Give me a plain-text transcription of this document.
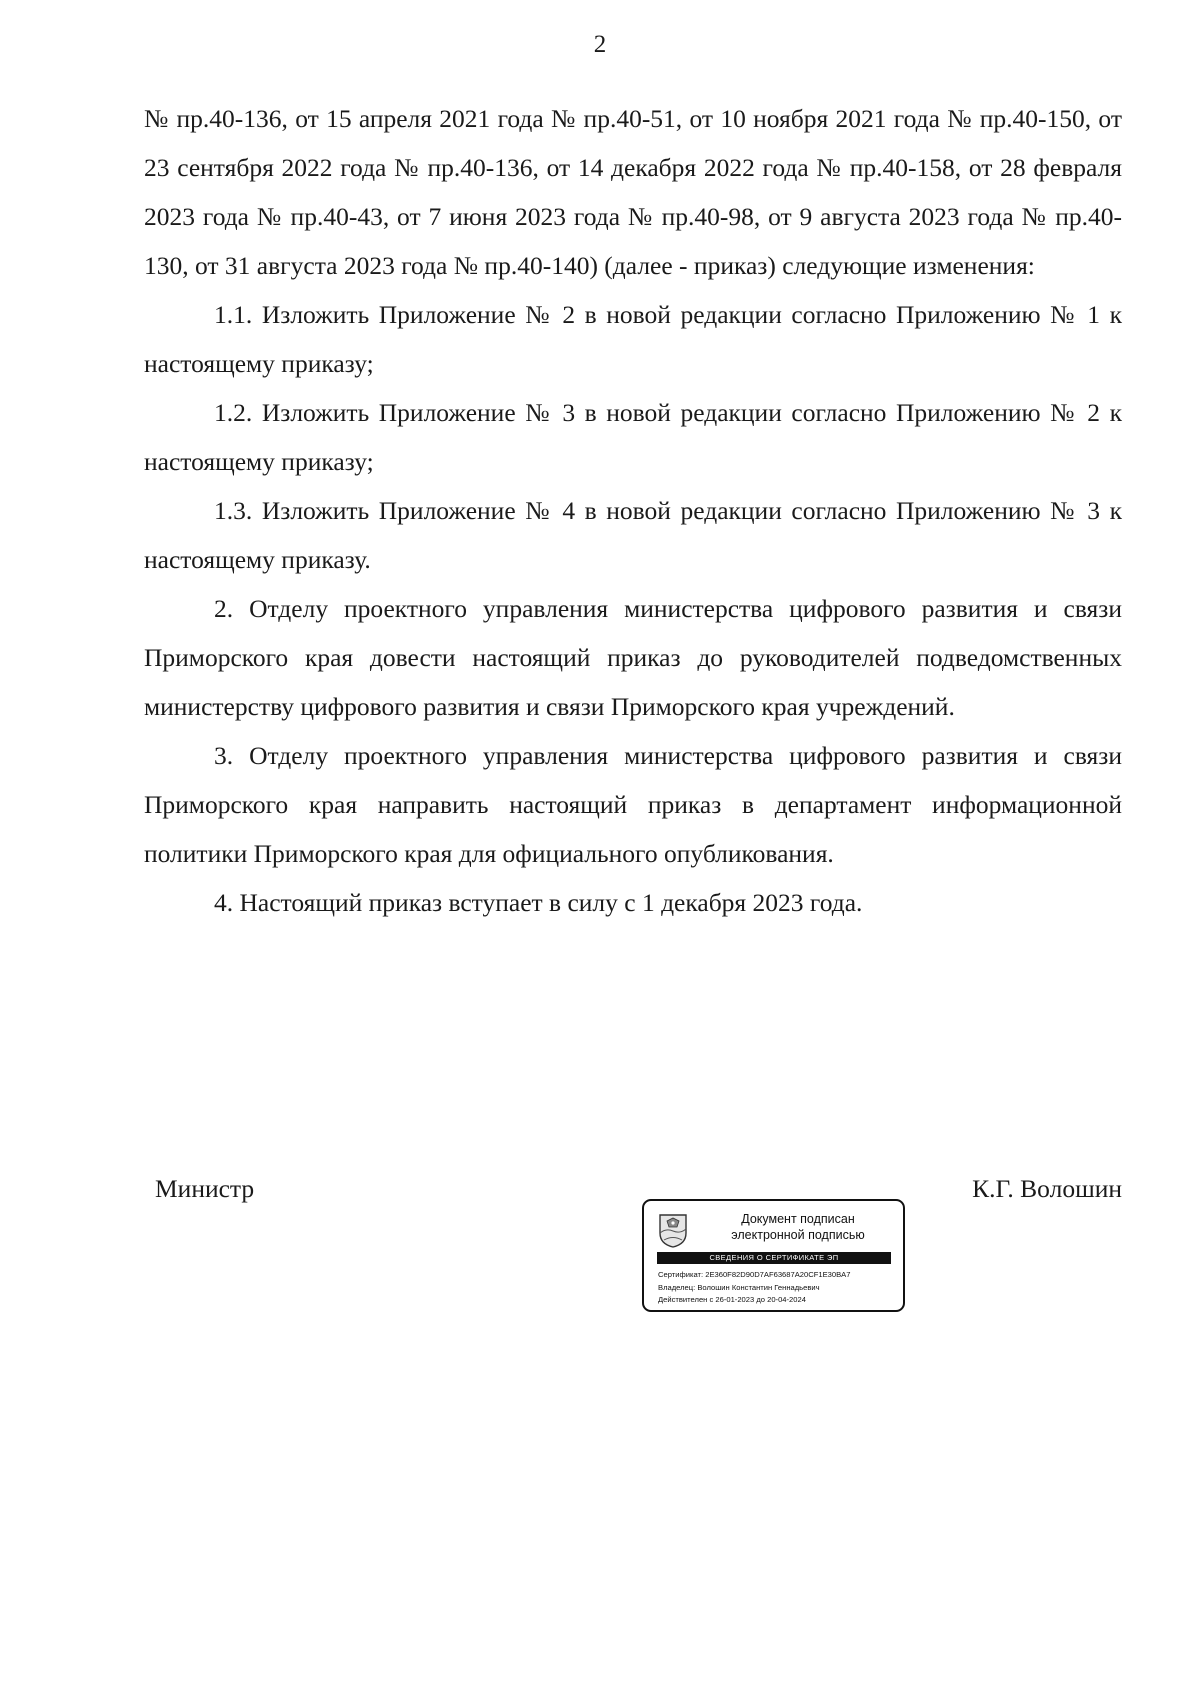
2

№ пр.40-136, от 15 апреля 2021 года № пр.40-51, от 10 ноября 2021 года № пр.40-150, от 23 сентября 2022 года № пр.40-136, от 14 декабря 2022 года № пр.40-158, от 28 февраля 2023 года № пр.40-43, от 7 июня 2023 года № пр.40-98, от 9 августа 2023 года № пр.40-130, от 31 августа 2023 года № пр.40-140) (далее - приказ) следующие изменения:

1.1. Изложить Приложение № 2 в новой редакции согласно Приложению № 1 к настоящему приказу;

1.2. Изложить Приложение № 3 в новой редакции согласно Приложению № 2 к настоящему приказу;

1.3. Изложить Приложение № 4 в новой редакции согласно Приложению № 3 к настоящему приказу.

2. Отделу проектного управления министерства цифрового развития и связи Приморского края довести настоящий приказ до руководителей подведомственных министерству цифрового развития и связи Приморского края учреждений.

3. Отделу проектного управления министерства цифрового развития и связи Приморского края направить настоящий приказ в департамент информационной политики Приморского края для официального опубликования.

4. Настоящий приказ вступает в силу с 1 декабря 2023 года.

Министр	К.Г. Волошин
Документ подписан
электронной подписью
СВЕДЕНИЯ О СЕРТИФИКАТЕ ЭП
Сертификат: 2E360F82D90D7AF63687A20CF1E30BA7
Владелец: Волошин Константин Геннадьевич
Действителен с 26-01-2023 до 20-04-2024
